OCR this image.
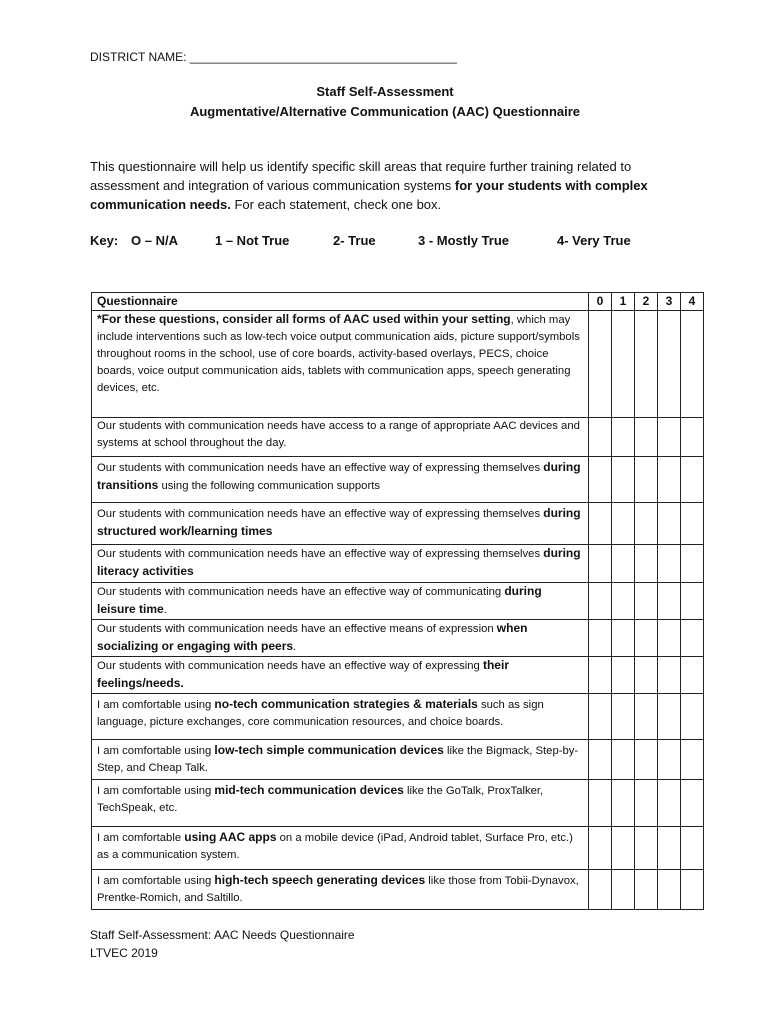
DISTRICT NAME: ________________________________________
Staff Self-Assessment
Augmentative/Alternative Communication (AAC) Questionnaire
This questionnaire will help us identify specific skill areas that require further training related to assessment and integration of various communication systems for your students with complex communication needs. For each statement, check one box.
Key: O – N/A	1 – Not True	2- True	3 - Mostly True	4- Very True
Questionnaire	0	1	2	3	4
*For these questions, consider all forms of AAC used within your setting, which may include interventions such as low-tech voice output communication aids, picture support/symbols throughout rooms in the school, use of core boards, activity-based overlays, PECS, choice boards, voice output communication aids, tablets with communication apps, speech generating devices, etc.					
Our students with communication needs have access to a range of appropriate AAC devices and systems at school throughout the day.					
Our students with communication needs have an effective way of expressing themselves during transitions using the following communication supports					
Our students with communication needs have an effective way of expressing themselves during structured work/learning times					
Our students with communication needs have an effective way of expressing themselves during literacy activities					
Our students with communication needs have an effective way of communicating during leisure time.					
Our students with communication needs have an effective means of expression when socializing or engaging with peers.					
Our students with communication needs have an effective way of expressing their feelings/needs.					
I am comfortable using no-tech communication strategies & materials such as sign language, picture exchanges, core communication resources, and choice boards.					
I am comfortable using low-tech simple communication devices like the Bigmack, Step-by-Step, and Cheap Talk.					
I am comfortable using mid-tech communication devices like the GoTalk, ProxTalker, TechSpeak, etc.					
I am comfortable using AAC apps on a mobile device (iPad, Android tablet, Surface Pro, etc.) as a communication system.					
I am comfortable using high-tech speech generating devices like those from Tobii-Dynavox, Prentke-Romich, and Saltillo.					
Staff Self-Assessment: AAC Needs Questionnaire
LTVEC 2019
